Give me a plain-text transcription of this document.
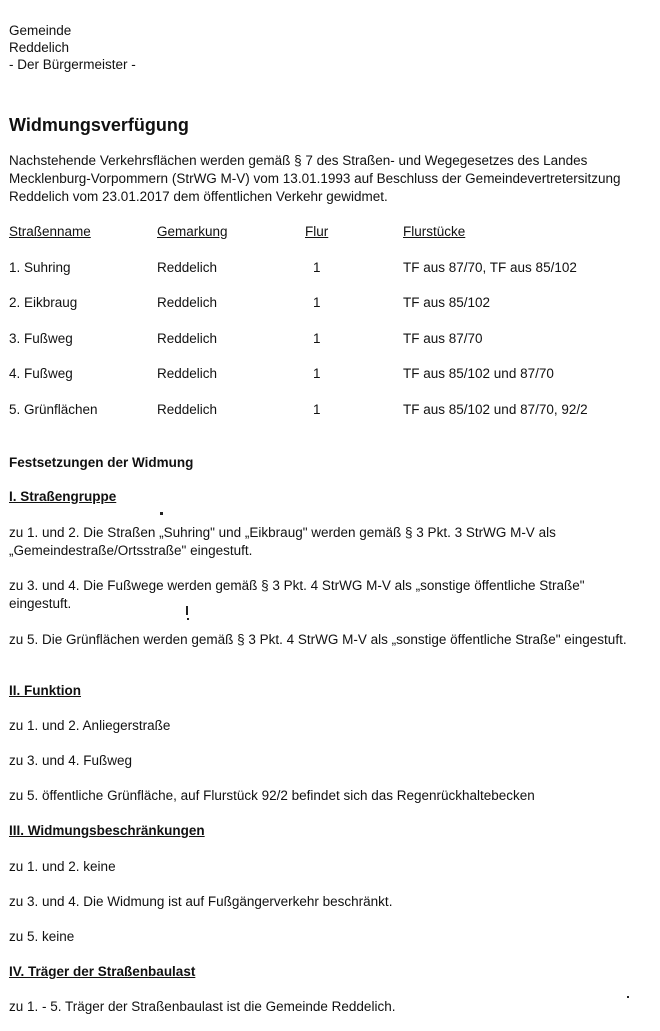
Gemeinde
Reddelich
- Der Bürgermeister -
Widmungsverfügung
Nachstehende Verkehrsflächen werden gemäß § 7 des Straßen- und Wegegesetzes des Landes Mecklenburg-Vorpommern (StrWG M-V) vom 13.01.1993 auf Beschluss der Gemeindevertretersitzung Reddelich vom 23.01.2017 dem öffentlichen Verkehr gewidmet.
Straßenname	Gemarkung	Flur	Flurstücke
1. Suhring	Reddelich	1	TF aus 87/70, TF aus 85/102
2. Eikbraug	Reddelich	1	TF aus 85/102
3. Fußweg	Reddelich	1	TF aus 87/70
4. Fußweg	Reddelich	1	TF aus 85/102 und 87/70
5. Grünflächen	Reddelich	1	TF aus 85/102 und 87/70, 92/2
Festsetzungen der Widmung
I. Straßengruppe
zu 1. und 2. Die Straßen „Suhring" und „Eikbraug" werden gemäß § 3 Pkt. 3 StrWG M-V als „Gemeindestraße/Ortsstraße" eingestuft.
zu 3. und 4. Die Fußwege werden gemäß § 3 Pkt. 4 StrWG M-V als „sonstige öffentliche Straße" eingestuft.
zu 5. Die Grünflächen werden gemäß § 3 Pkt. 4 StrWG M-V als „sonstige öffentliche Straße" eingestuft.
II. Funktion
zu 1. und 2. Anliegerstraße
zu 3. und 4. Fußweg
zu 5. öffentliche Grünfläche, auf Flurstück 92/2 befindet sich das Regenrückhaltebecken
III. Widmungsbeschränkungen
zu 1. und 2. keine
zu 3. und 4. Die Widmung ist auf Fußgängerverkehr beschränkt.
zu 5. keine
IV. Träger der Straßenbaulast
zu 1. - 5. Träger der Straßenbaulast ist die Gemeinde Reddelich.
